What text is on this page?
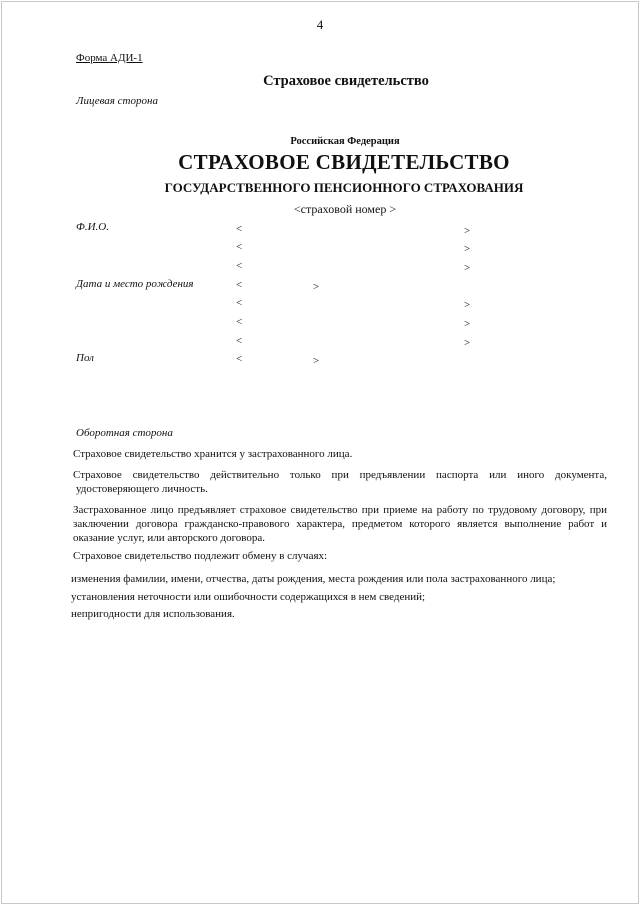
4
Форма АДИ-1
Страховое свидетельство
Лицевая сторона
Российская Федерация
СТРАХОВОЕ СВИДЕТЕЛЬСТВО
ГОСУДАРСТВЕННОГО ПЕНСИОННОГО СТРАХОВАНИЯ
<страховой номер >
Ф.И.О.	<	>
<	>
<	>
Дата и место рождения	<	>
<	>
<	>
<	>
Пол	<	>
Оборотная сторона
Страховое свидетельство хранится у застрахованного лица.
Страховое свидетельство действительно только при предъявлении паспорта или иного документа, удостоверяющего личность.
Застрахованное лицо предъявляет страховое свидетельство при приеме на работу по трудовому договору, при заключении договора гражданско-правового характера, предметом которого является выполнение работ и оказание услуг, или авторского договора.
Страховое свидетельство подлежит обмену в случаях:
изменения фамилии, имени, отчества, даты рождения, места рождения или пола застрахованного лица;
установления неточности или ошибочности содержащихся в нем сведений;
непригодности для использования.
